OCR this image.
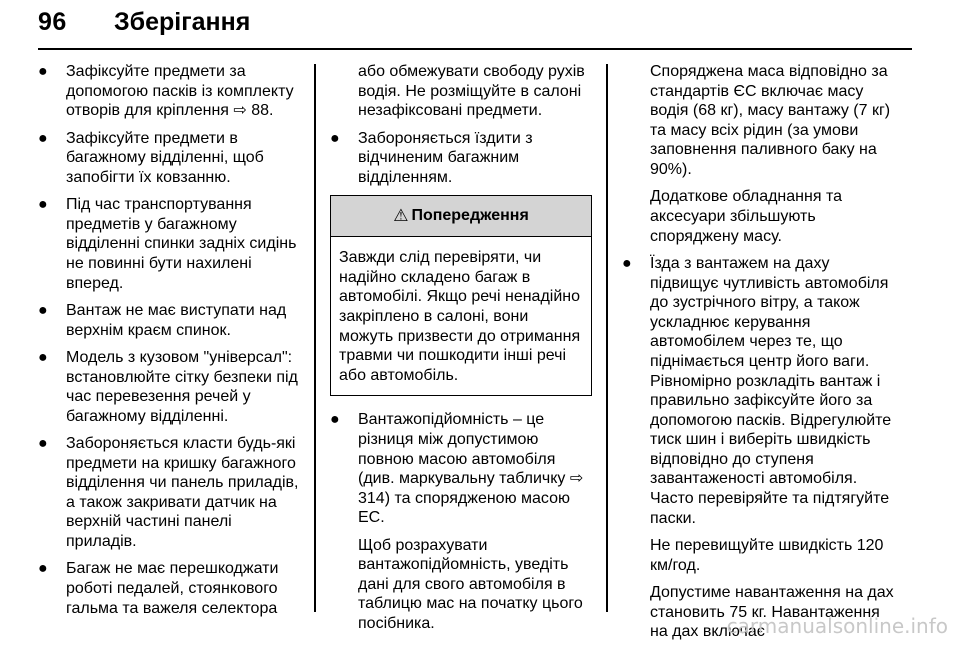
96 Зберігання
● Зафіксуйте предмети за допомогою пасків із комплекту отворів для кріплення ⇨ 88.
● Зафіксуйте предмети в багажному відділенні, щоб запобігти їх ковзанню.
● Під час транспортування предметів у багажному відділенні спинки задніх сидінь не повинні бути нахилені вперед.
● Вантаж не має виступати над верхнім краєм спинок.
● Модель з кузовом "універсал": встановлюйте сітку безпеки під час перевезення речей у багажному відділенні.
● Забороняється класти будь-які предмети на кришку багажного відділення чи панель приладів, а також закривати датчик на верхній частині панелі приладів.
● Багаж не має перешкоджати роботі педалей, стоянкового гальма та важеля селектора

або обмежувати свободу рухів водія. Не розміщуйте в салоні незафіксовані предмети.

● Забороняється їздити з відчиненим багажним відділенням.
⚠ Попередження
Завжди слід перевіряти, чи надійно складено багаж в автомобілі. Якщо речі ненадійно закріплено в салоні, вони можуть призвести до отримання травми чи пошкодити інші речі або автомобіль.
● Вантажопідйомність – це різниця між допустимою повною масою автомобіля (див. маркувальну табличку ⇨ 314) та спорядженою масою ЕС.

Щоб розрахувати вантажопідйомність, уведіть дані для свого автомобіля в таблицю мас на початку цього посібника.

Споряджена маса відповідно за стандартів ЄС включає масу водія (68 кг), масу вантажу (7 кг) та масу всіх рідин (за умови заповнення паливного баку на 90%).

Додаткове обладнання та аксесуари збільшують споряджену масу.

● Їзда з вантажем на даху підвищує чутливість автомобіля до зустрічного вітру, а також ускладнює керування автомобілем через те, що піднімається центр його ваги. Рівномірно розкладіть вантаж і правильно зафіксуйте його за допомогою пасків. Відрегулюйте тиск шин і виберіть швидкість відповідно до ступеня завантаженості автомобіля. Часто перевіряйте та підтягуйте паски.

Не перевищуйте швидкість 120 км/год.

Допустиме навантаження на дах становить 75 кг. Навантаження на дах включає

carmanualsonline.info
